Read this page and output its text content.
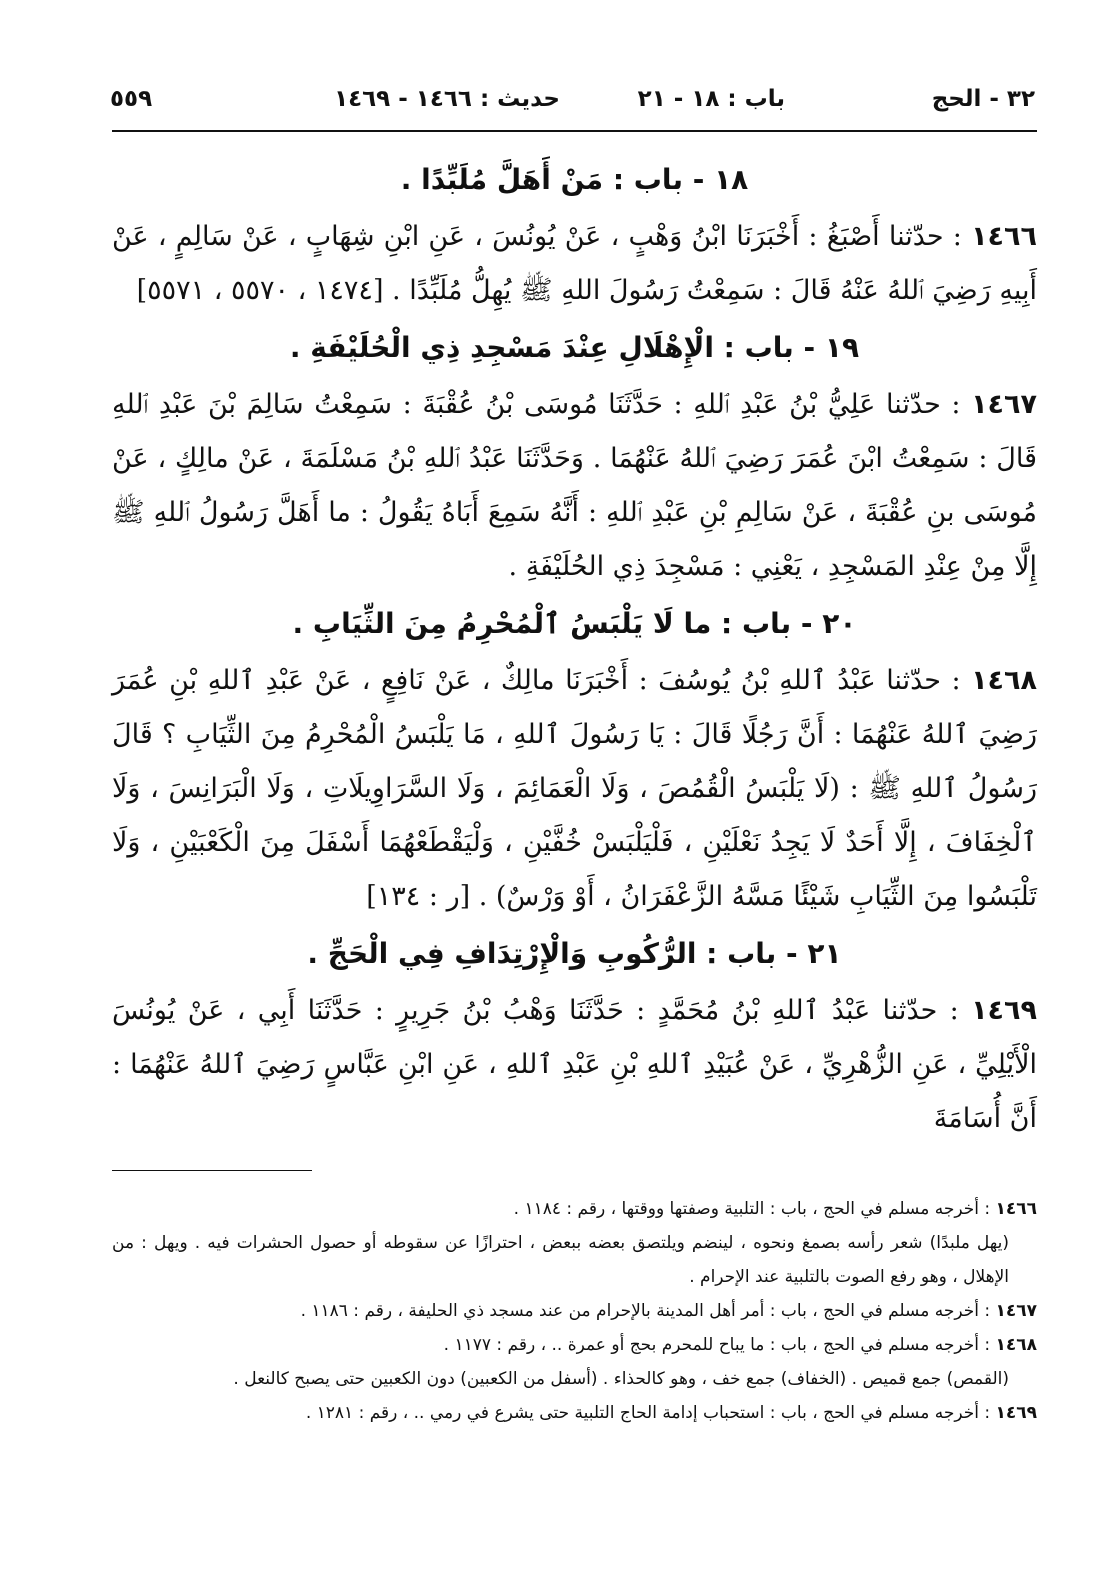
٣٢ - الحج
باب : ١٨ - ٢١
حديث : ١٤٦٦ - ١٤٦٩
٥٥٩
١٨ - باب : مَنْ أَهَلَّ مُلَبِّدًا .

١٤٦٦ : حدّثنا أَصْبَغُ : أَخْبَرَنَا ابْنُ وَهْبٍ ، عَنْ يُونُسَ ، عَنِ ابْنِ شِهَابٍ ، عَنْ سَالِمٍ ، عَنْ أَبِيهِ رَضِيَ ٱللهُ عَنْهُ قَالَ : سَمِعْتُ رَسُولَ اللهِ ﷺ يُهِلُّ مُلَبِّدًا . [١٤٧٤ ، ٥٥٧٠ ، ٥٥٧١]

١٩ - باب : الْإِهْلَالِ عِنْدَ مَسْجِدِ ذِي الْحُلَيْفَةِ .

١٤٦٧ : حدّثنا عَلِيُّ بْنُ عَبْدِ ٱللهِ : حَدَّثَنَا مُوسَى بْنُ عُقْبَةَ : سَمِعْتُ سَالِمَ بْنَ عَبْدِ ٱللهِ قَالَ : سَمِعْتُ ابْنَ عُمَرَ رَضِيَ ٱللهُ عَنْهُمَا . وَحَدَّثَنَا عَبْدُ ٱللهِ بْنُ مَسْلَمَةَ ، عَنْ مالِكٍ ، عَنْ مُوسَى بنِ عُقْبَةَ ، عَنْ سَالِمِ بْنِ عَبْدِ ٱللهِ : أَنَّهُ سَمِعَ أَبَاهُ يَقُولُ : ما أَهَلَّ رَسُولُ ٱللهِ ﷺ إِلَّا مِنْ عِنْدِ المَسْجِدِ ، يَعْنِي : مَسْجِدَ ذِي الحُلَيْفَةِ .

٢٠ - باب : ما لَا يَلْبَسُ ٱلْمُحْرِمُ مِنَ الثِّيَابِ .

١٤٦٨ : حدّثنا عَبْدُ ٱللهِ بْنُ يُوسُفَ : أَخْبَرَنَا مالِكٌ ، عَنْ نَافِعٍ ، عَنْ عَبْدِ ٱللهِ بْنِ عُمَرَ رَضِيَ ٱللهُ عَنْهُمَا : أَنَّ رَجُلًا قَالَ : يَا رَسُولَ ٱللهِ ، مَا يَلْبَسُ الْمُحْرِمُ مِنَ الثِّيَابِ ؟ قَالَ رَسُولُ ٱللهِ ﷺ : (لَا يَلْبَسُ الْقُمُصَ ، وَلَا الْعَمَائِمَ ، وَلَا السَّرَاوِيلَاتِ ، وَلَا الْبَرَانِسَ ، وَلَا ٱلْخِفَافَ ، إِلَّا أَحَدٌ لَا يَجِدُ نَعْلَيْنِ ، فَلْيَلْبَسْ خُفَّيْنِ ، وَلْيَقْطَعْهُمَا أَسْفَلَ مِنَ الْكَعْبَيْنِ ، وَلَا تَلْبَسُوا مِنَ الثِّيَابِ شَيْئًا مَسَّهُ الزَّعْفَرَانُ ، أَوْ وَرْسٌ) . [ر : ١٣٤]

٢١ - باب : الرُّكُوبِ وَالْإِرْتِدَافِ فِي الْحَجِّ .

١٤٦٩ : حدّثنا عَبْدُ ٱللهِ بْنُ مُحَمَّدٍ : حَدَّثَنَا وَهْبُ بْنُ جَرِيرٍ : حَدَّثَنَا أَبِي ، عَنْ يُونُسَ الْأَيْلِيِّ ، عَنِ الزُّهْرِيِّ ، عَنْ عُبَيْدِ ٱللهِ بْنِ عَبْدِ ٱللهِ ، عَنِ ابْنِ عَبَّاسٍ رَضِيَ ٱللهُ عَنْهُمَا : أَنَّ أُسَامَةَ

١٤٦٦ : أخرجه مسلم في الحج ، باب : التلبية وصفتها ووقتها ، رقم : ١١٨٤ .

(يهل ملبدًا) شعر رأسه بصمغ ونحوه ، لينضم ويلتصق بعضه ببعض ، احترازًا عن سقوطه أو حصول الحشرات فيه . ويهل : من الإهلال ، وهو رفع الصوت بالتلبية عند الإحرام .

١٤٦٧ : أخرجه مسلم في الحج ، باب : أمر أهل المدينة بالإحرام من عند مسجد ذي الحليفة ، رقم : ١١٨٦ .

١٤٦٨ : أخرجه مسلم في الحج ، باب : ما يباح للمحرم بحج أو عمرة .. ، رقم : ١١٧٧ .

(القمص) جمع قميص . (الخفاف) جمع خف ، وهو كالحذاء . (أسفل من الكعبين) دون الكعبين حتى يصبح كالنعل .

١٤٦٩ : أخرجه مسلم في الحج ، باب : استحباب إدامة الحاج التلبية حتى يشرع في رمي .. ، رقم : ١٢٨١ .
